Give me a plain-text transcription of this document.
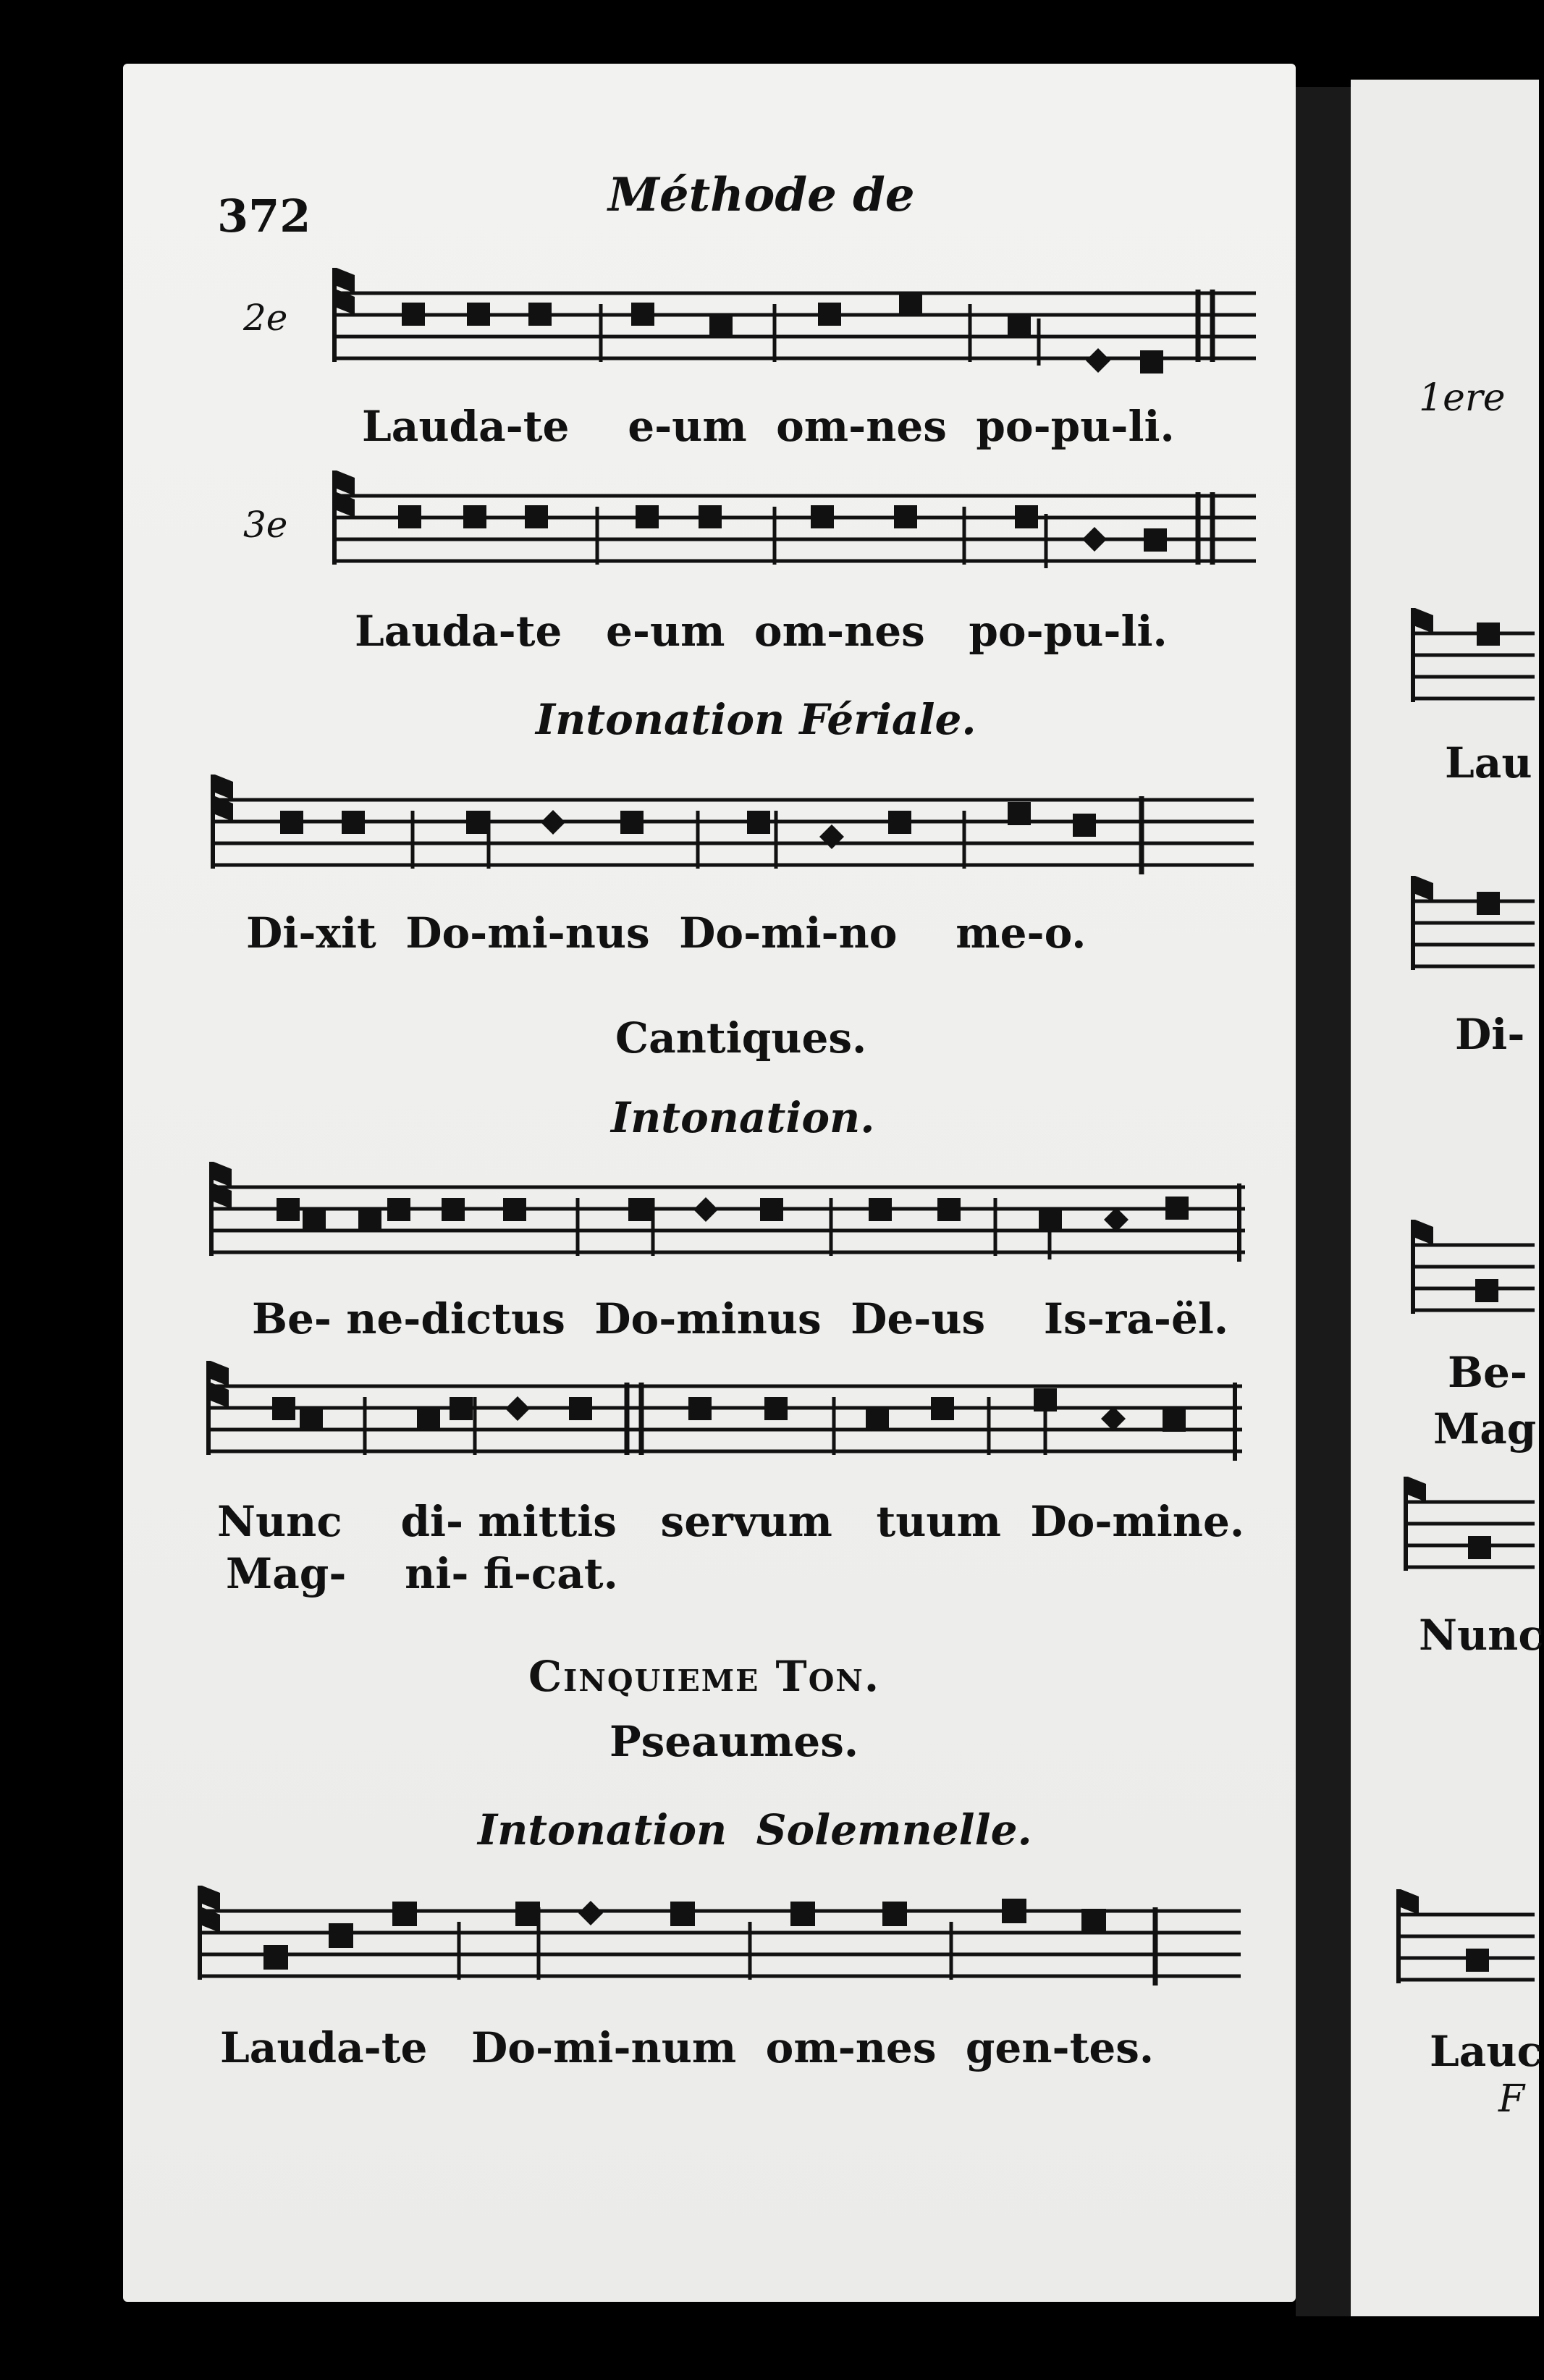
372	Méthode de
2e
Lauda-te    e-um  om-nes  po-pu-li.
3e
Lauda-te   e-um  om-nes   po-pu-li.
Intonation Fériale.
Di-xit  Do-mi-nus  Do-mi-no    me-o.
Cantiques.
Intonation.
Be- ne-dictus  Do-minus  De-us    Is-ra-ël.
Nunc    di- mittis   servum   tuum  Do-mine.
Mag-    ni- fi-cat.
Cinquieme Ton.
Pseaumes.
Intonation  Solemnelle.
Lauda-te   Do-mi-num  om-nes  gen-tes.
1ere
Lau
Di-
Be-
Mag
Nunc
Lauc
F
